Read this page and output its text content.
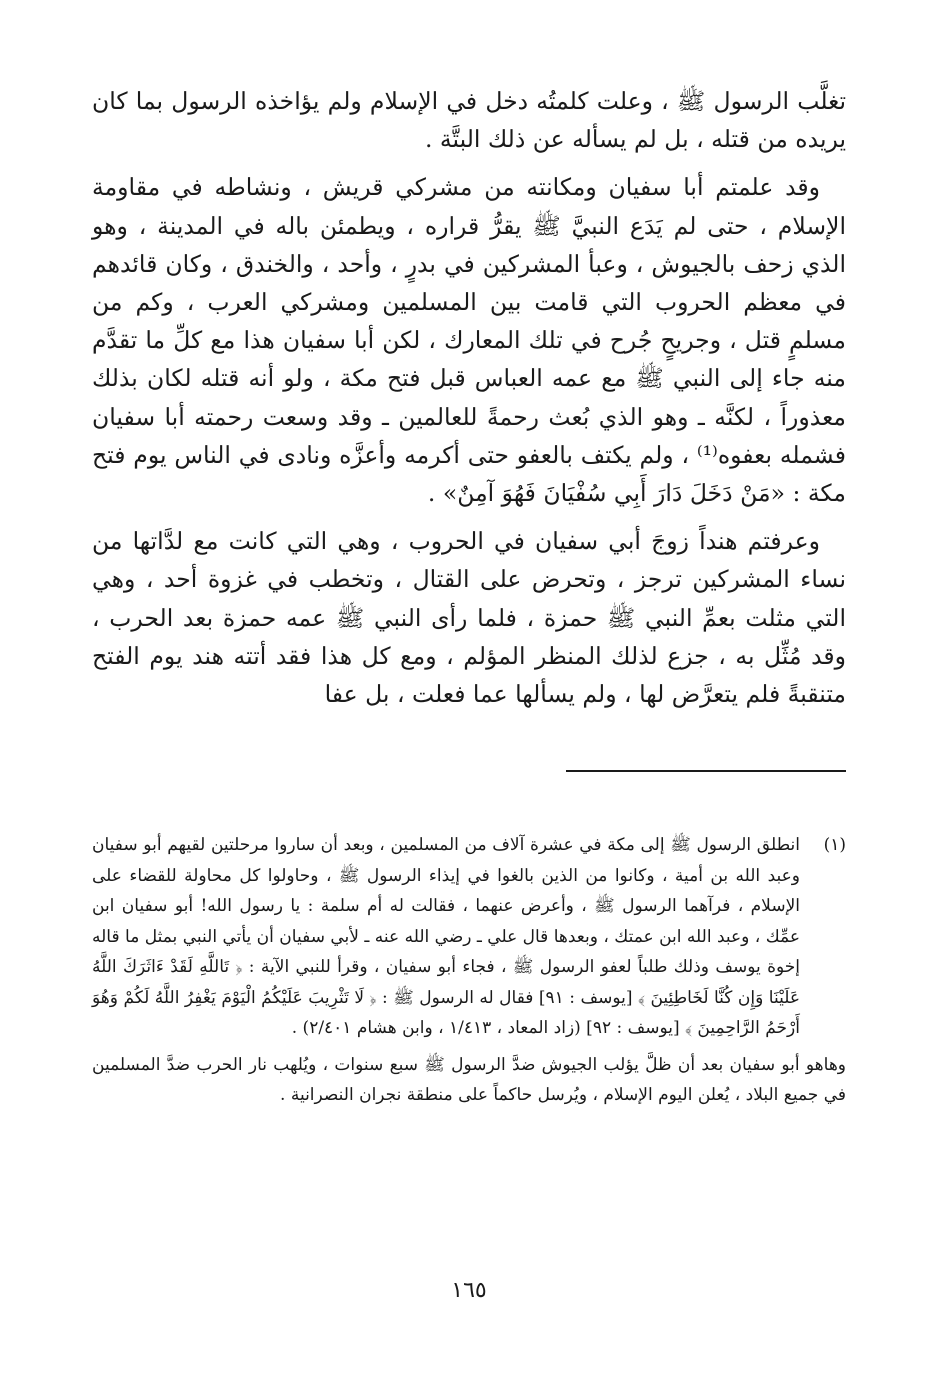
تغلَّب الرسول ﷺ ، وعلت كلمتُه دخل في الإسلام ولم يؤاخذه الرسول بما كان يريده من قتله ، بل لم يسأله عن ذلك البتَّة .

وقد علمتم أبا سفيان ومكانته من مشركي قريش ، ونشاطه في مقاومة الإسلام ، حتى لم يَدَع النبيَّ ﷺ يقرُّ قراره ، ويطمئن باله في المدينة ، وهو الذي زحف بالجيوش ، وعبأ المشركين في بدرٍ ، وأحد ، والخندق ، وكان قائدهم في معظم الحروب التي قامت بين المسلمين ومشركي العرب ، وكم من مسلمٍ قتل ، وجريحٍ جُرح في تلك المعارك ، لكن أبا سفيان هذا مع كلِّ ما تقدَّم منه جاء إلى النبي ﷺ مع عمه العباس قبل فتح مكة ، ولو أنه قتله لكان بذلك معذوراً ، لكنَّه ـ وهو الذي بُعث رحمةً للعالمين ـ وقد وسعت رحمته أبا سفيان فشمله بعفوه⁽¹⁾ ، ولم يكتف بالعفو حتى أكرمه وأعزَّه ونادى في الناس يوم فتح مكة : «مَنْ دَخَلَ دَارَ أَبِي سُفْيَانَ فَهُوَ آمِنٌ» .

وعرفتم هنداً زوجَ أبي سفيان في الحروب ، وهي التي كانت مع لدَّاتها من نساء المشركين ترجز ، وتحرض على القتال ، وتخطب في غزوة أحد ، وهي التي مثلت بعمِّ النبي ﷺ حمزة ، فلما رأى النبي ﷺ عمه حمزة بعد الحرب ، وقد مُثِّل به ، جزع لذلك المنظر المؤلم ، ومع كل هذا فقد أتته هند يوم الفتح متنقبةً فلم يتعرَّض لها ، ولم يسألها عما فعلت ، بل عفا

(١)
انطلق الرسول ﷺ إلى مكة في عشرة آلاف من المسلمين ، وبعد أن ساروا مرحلتين لقيهم أبو سفيان وعبد الله بن أمية ، وكانوا من الذين بالغوا في إيذاء الرسول ﷺ ، وحاولوا كل محاولة للقضاء على الإسلام ، فرآهما الرسول ﷺ ، وأعرض عنهما ، فقالت له أم سلمة : يا رسول الله! أبو سفيان ابن عمِّك ، وعبد الله ابن عمتك ، وبعدها قال علي ـ رضي الله عنه ـ لأبي سفيان أن يأتي النبي بمثل ما قاله إخوة يوسف وذلك طلباً لعفو الرسول ﷺ ، فجاء أبو سفيان ، وقرأ للنبي الآية : ﴿ تَاللَّهِ لَقَدْ ءَاثَرَكَ اللَّهُ عَلَيْنَا وَإِن كُنَّا لَخَاطِئِينَ ﴾ [يوسف : ٩١] فقال له الرسول ﷺ : ﴿ لَا تَثْرِيبَ عَلَيْكُمُ الْيَوْمَ يَغْفِرُ اللَّهُ لَكُمْ وَهُوَ أَرْحَمُ الرَّاحِمِينَ ﴾ [يوسف : ٩٢] (زاد المعاد ، ١/٤١٣ ، وابن هشام ٢/٤٠١) .

وهاهو أبو سفيان بعد أن ظلَّ يؤلب الجيوش ضدَّ الرسول ﷺ سبع سنوات ، ويُلهب نار الحرب ضدَّ المسلمين في جميع البلاد ، يُعلن اليوم الإسلام ، ويُرسل حاكماً على منطقة نجران النصرانية .

١٦٥
